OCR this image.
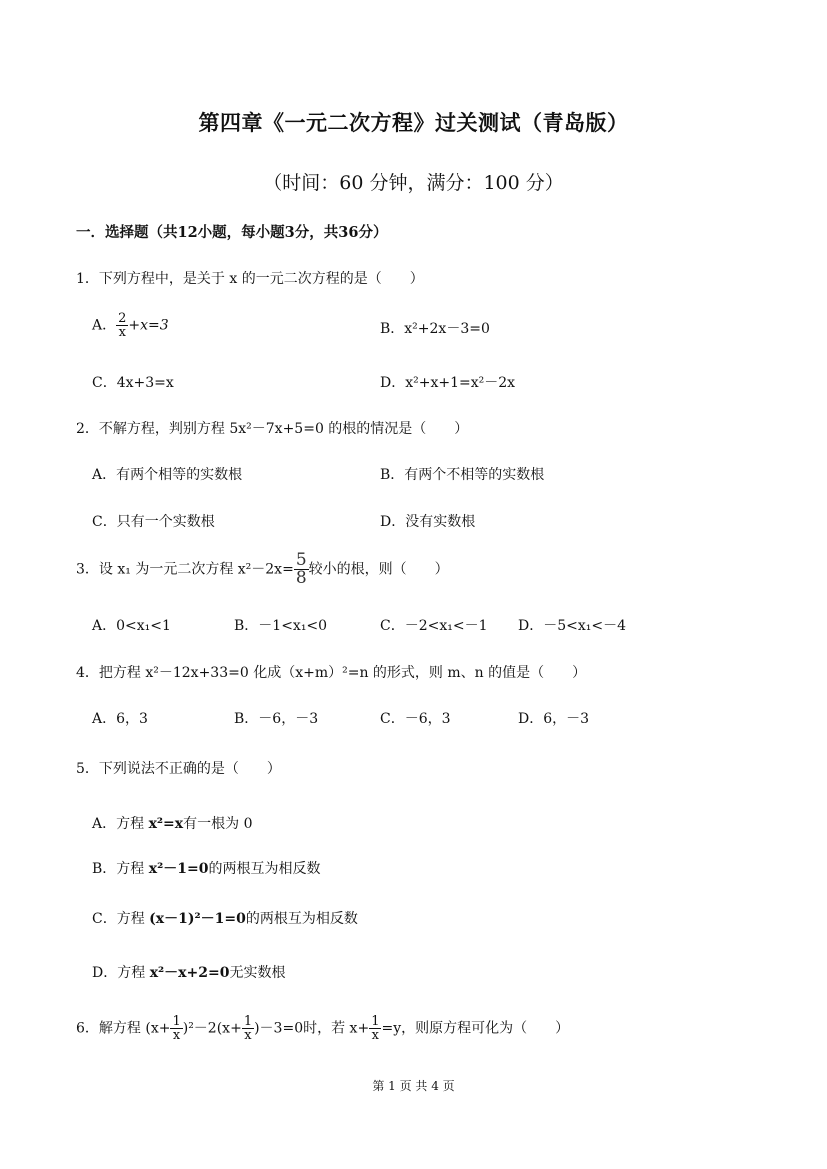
第四章《一元二次方程》过关测试（青岛版）
（时间：60 分钟，满分：100 分）
一．选择题（共12小题，每小题3分，共36分）
1．下列方程中，是关于 x 的一元二次方程的是（　　）
A． $\frac{2}{x} +x=3$	B．x²+2x－3=0
C．4x+3=x	D．x²+x+1=x²－2x
2．不解方程，判别方程 5x²－7x+5=0 的根的情况是（　　）
A．有两个相等的实数根	B．有两个不相等的实数根
C．只有一个实数根	D．没有实数根
3．设 x₁ 为一元二次方程 $x^2-2x= \frac{5}{8}$ 较小的根，则（　　）
A．0<x₁<1	B．－1<x₁<0	C．－2<x₁<－1 D．－5<x₁<－4
4．把方程 x²－12x+33=0 化成（x+m）²=n 的形式，则 m、n 的值是（　　）
A．6，3	B．－6，－3	C．－6，3	D．6，－3
5．下列说法不正确的是（　　）
A．方程 x²=x有一根为 0
B．方程 x²－1=0的两根互为相反数
C．方程 (x－1)²－1=0的两根互为相反数
D．方程 x²－x+2=0无实数根
6．解方程 $(x+ \frac{1}{x} )^2-2(x+ \frac{1}{x} )-3=0$时，若 $x+ \frac{1}{x} =y$，则原方程可化为（　　）
第 1 页 共 4 页
